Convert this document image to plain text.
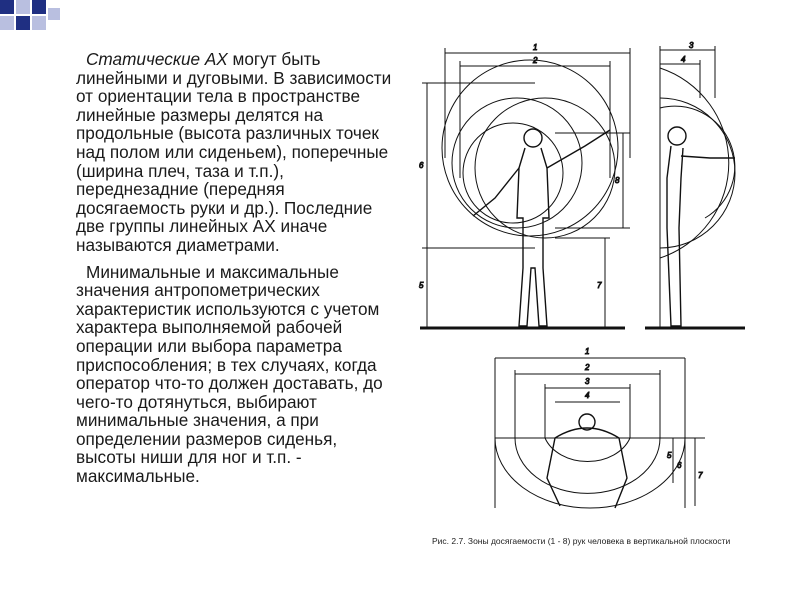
Статические АХ могут быть линейными и дуговыми. В зависимости от ориентации тела в пространстве линейные размеры делятся на продольные (высота различных точек над полом или сиденьем), поперечные (ширина плеч, таза и т.п.), переднезадние (передняя досягаемость руки и др.). Последние две группы линейных АХ иначе называются диаметрами.

Минимальные и максимальные значения антропометрических характеристик используются с учетом характера выполняемой рабочей операции или выбора параметра приспособления; в тех случаях, когда оператор что-то должен доставать, до чего-то дотянуться, выбирают минимальные значения, а при определении размеров сиденья, высоты ниши для ног и т.п. - максимальные.

1
2
6
8
5	7
3
4
1
2
3
4
5
6
7
Рис. 2.7. Зоны досягаемости (1 - 8) рук человека в вертикальной плоскости
